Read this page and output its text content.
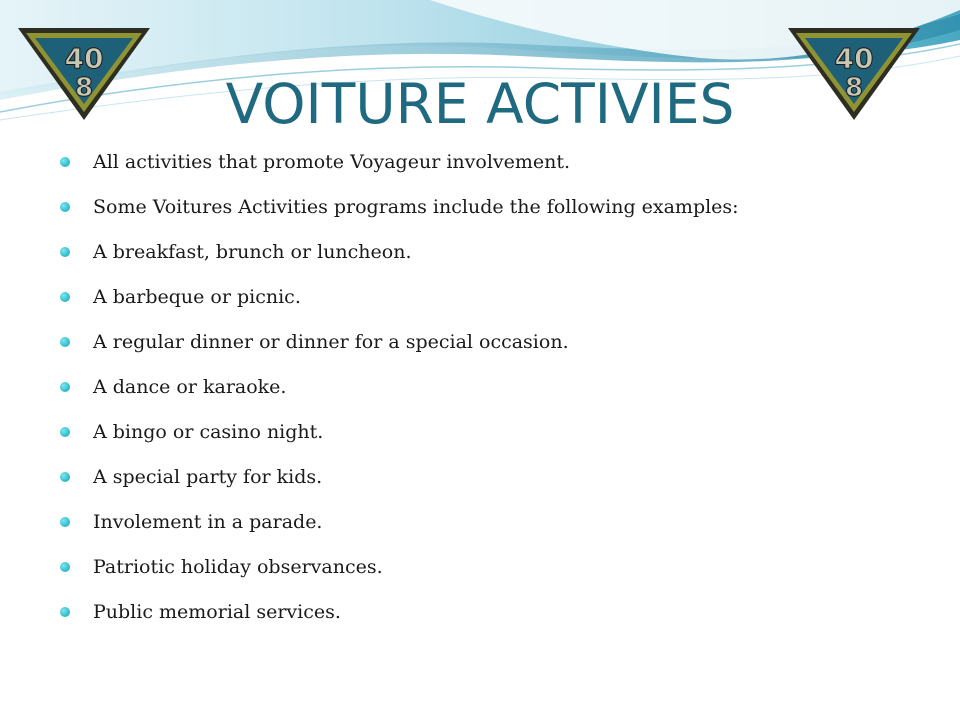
40
8
40
8
VOITURE ACTIVIES
All activities that promote Voyageur involvement.
Some Voitures Activities programs include the following examples:
A breakfast, brunch or luncheon.
A barbeque or picnic.
A regular dinner or dinner for a special occasion.
A dance or karaoke.
A bingo or casino night.
A special party for kids.
Involement in a parade.
Patriotic holiday observances.
Public memorial services.
